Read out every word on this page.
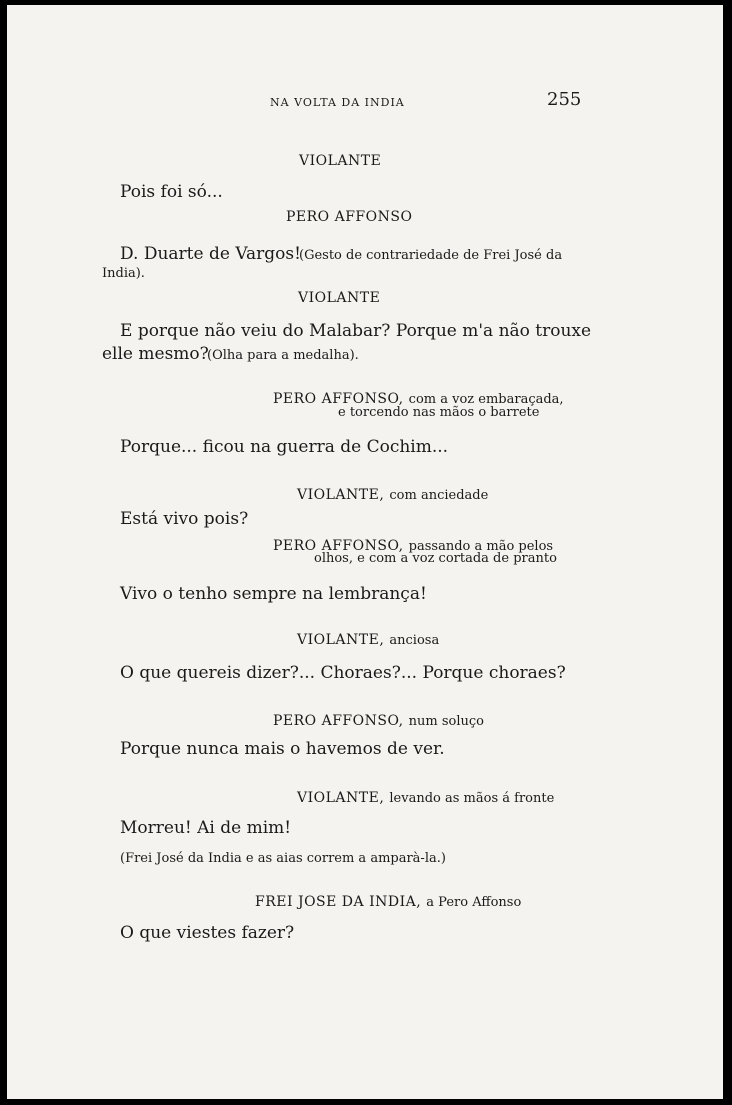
NA VOLTA DA INDIA	255
VIOLANTE
Pois foi só...
PERO AFFONSO
D. Duarte de Vargos!
(Gesto de contrariedade de Frei José da
India).
VIOLANTE
E porque não veiu do Malabar? Porque m'a não trouxe
elle mesmo?
(Olha para a medalha).
PERO AFFONSO, com a voz embaraçada,
e torcendo nas mãos o barrete
Porque... ficou na guerra de Cochim...
VIOLANTE, com anciedade
Está vivo pois?
PERO AFFONSO, passando a mão pelos
olhos, e com a voz cortada de pranto
Vivo o tenho sempre na lembrança!
VIOLANTE, anciosa
O que quereis dizer?... Choraes?... Porque choraes?
PERO AFFONSO, num soluço
Porque nunca mais o havemos de ver.
VIOLANTE, levando as mãos á fronte
Morreu! Ai de mim!
(Frei José da India e as aias correm a amparà-la.)
FREI JOSE DA INDIA, a Pero Affonso
O que viestes fazer?
